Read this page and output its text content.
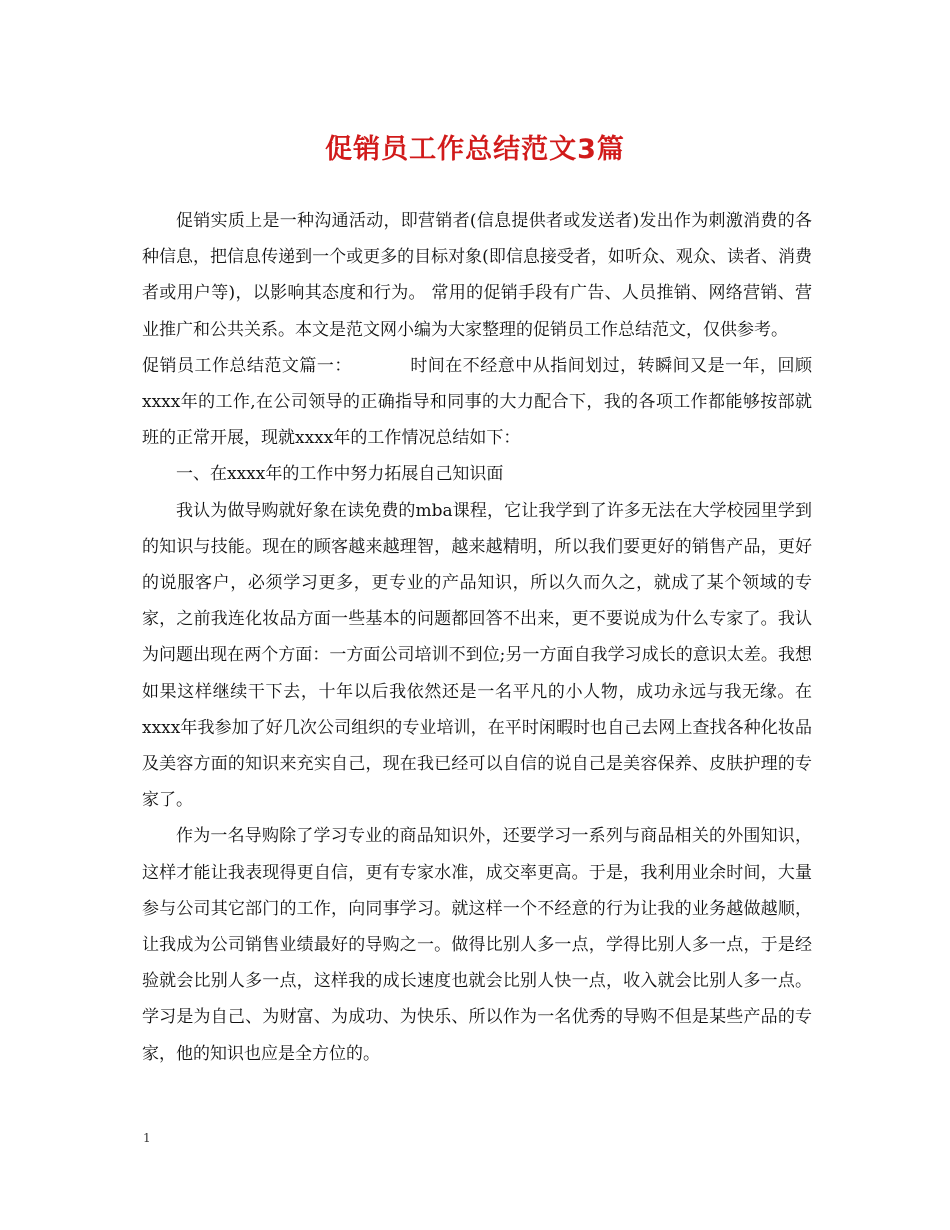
促销员工作总结范文3篇

促销实质上是一种沟通活动，即营销者(信息提供者或发送者)发出作为刺激消费的各种信息，把信息传递到一个或更多的目标对象(即信息接受者，如听众、观众、读者、消费者或用户等)，以影响其态度和行为。 常用的促销手段有广告、人员推销、网络营销、营业推广和公共关系。本文是范文网小编为大家整理的促销员工作总结范文，仅供参考。

促销员工作总结范文篇一：	时间在不经意中从指间划过，转瞬间又是一年，回顾xxxx年的工作,在公司领导的正确指导和同事的大力配合下，我的各项工作都能够按部就班的正常开展，现就xxxx年的工作情况总结如下：

一、在xxxx年的工作中努力拓展自己知识面

我认为做导购就好象在读免费的mba课程，它让我学到了许多无法在大学校园里学到的知识与技能。现在的顾客越来越理智，越来越精明，所以我们要更好的销售产品，更好的说服客户，必须学习更多，更专业的产品知识，所以久而久之，就成了某个领域的专家，之前我连化妆品方面一些基本的问题都回答不出来，更不要说成为什么专家了。我认为问题出现在两个方面：一方面公司培训不到位;另一方面自我学习成长的意识太差。我想如果这样继续干下去，十年以后我依然还是一名平凡的小人物，成功永远与我无缘。在xxxx年我参加了好几次公司组织的专业培训，在平时闲暇时也自己去网上查找各种化妆品及美容方面的知识来充实自己，现在我已经可以自信的说自己是美容保养、皮肤护理的专家了。

作为一名导购除了学习专业的商品知识外，还要学习一系列与商品相关的外围知识，这样才能让我表现得更自信，更有专家水准，成交率更高。于是，我利用业余时间，大量参与公司其它部门的工作，向同事学习。就这样一个不经意的行为让我的业务越做越顺，让我成为公司销售业绩最好的导购之一。做得比别人多一点，学得比别人多一点，于是经验就会比别人多一点，这样我的成长速度也就会比别人快一点，收入就会比别人多一点。学习是为自己、为财富、为成功、为快乐、所以作为一名优秀的导购不但是某些产品的专家，他的知识也应是全方位的。

1
